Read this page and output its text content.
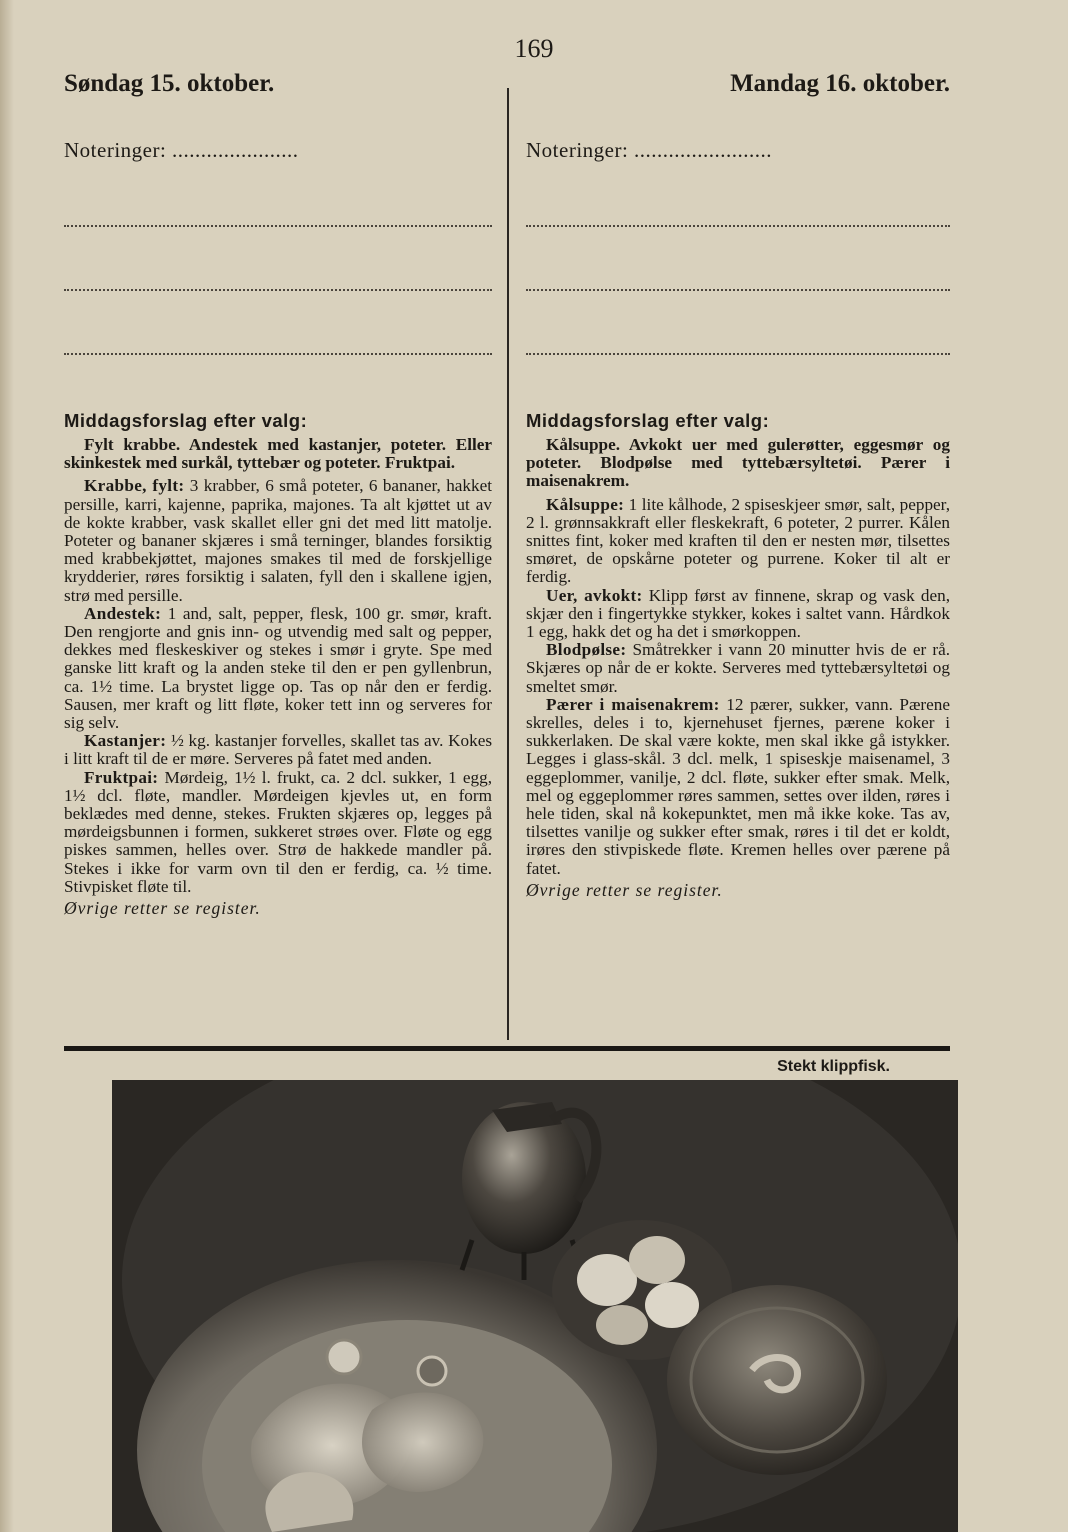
169
Søndag 15. oktober.
Noteringer: ......................
Middagsforslag efter valg:

Fylt krabbe. Andestek med kastanjer, poteter. Eller skinkestek med surkål, tyttebær og poteter. Fruktpai.

Krabbe, fylt: 3 krabber, 6 små poteter, 6 bananer, hakket persille, karri, kajenne, paprika, majones. Ta alt kjøttet ut av de kokte krabber, vask skallet eller gni det med litt matolje. Poteter og bananer skjæres i små terninger, blandes forsiktig med krabbekjøttet, majones smakes til med de forskjellige krydderier, røres forsiktig i salaten, fyll den i skallene igjen, strø med persille.

Andestek: 1 and, salt, pepper, flesk, 100 gr. smør, kraft. Den rengjorte and gnis inn- og utvendig med salt og pepper, dekkes med fleskeskiver og stekes i smør i gryte. Spe med ganske litt kraft og la anden steke til den er pen gyllenbrun, ca. 1½ time. La brystet ligge op. Tas op når den er ferdig. Sausen, mer kraft og litt fløte, koker tett inn og serveres for sig selv.

Kastanjer: ½ kg. kastanjer forvelles, skallet tas av. Kokes i litt kraft til de er møre. Serveres på fatet med anden.

Fruktpai: Mørdeig, 1½ l. frukt, ca. 2 dcl. sukker, 1 egg, 1½ dcl. fløte, mandler. Mørdeigen kjevles ut, en form beklædes med denne, stekes. Frukten skjæres op, legges på mørdeigsbunnen i formen, sukkeret strøes over. Fløte og egg piskes sammen, helles over. Strø de hakkede mandler på. Stekes i ikke for varm ovn til den er ferdig, ca. ½ time. Stivpisket fløte til.

Øvrige retter se register.
Mandag 16. oktober.
Noteringer: ........................
Middagsforslag efter valg:

Kålsuppe. Avkokt uer med gulerøtter, eggesmør og poteter. Blodpølse med tyttebærsyltetøi. Pærer i maisenakrem.

Kålsuppe: 1 lite kålhode, 2 spiseskjeer smør, salt, pepper, 2 l. grønnsakkraft eller fleskekraft, 6 poteter, 2 purrer. Kålen snittes fint, koker med kraften til den er nesten mør, tilsettes smøret, de opskårne poteter og purrene. Koker til alt er ferdig.

Uer, avkokt: Klipp først av finnene, skrap og vask den, skjær den i fingertykke stykker, kokes i saltet vann. Hårdkok 1 egg, hakk det og ha det i smørkoppen.

Blodpølse: Småtrekker i vann 20 minutter hvis de er rå. Skjæres op når de er kokte. Serveres med tyttebærsyltetøi og smeltet smør.

Pærer i maisenakrem: 12 pærer, sukker, vann. Pærene skrelles, deles i to, kjernehuset fjernes, pærene koker i sukkerlaken. De skal være kokte, men skal ikke gå istykker. Legges i glass-skål. 3 dcl. melk, 1 spiseskje maisenamel, 3 eggeplommer, vanilje, 2 dcl. fløte, sukker efter smak. Melk, mel og eggeplommer røres sammen, settes over ilden, røres i hele tiden, skal nå kokepunktet, men må ikke koke. Tas av, tilsettes vanilje og sukker efter smak, røres i til det er koldt, irøres den stivpiskede fløte. Kremen helles over pærene på fatet.

Øvrige retter se register.
Stekt klippfisk.
